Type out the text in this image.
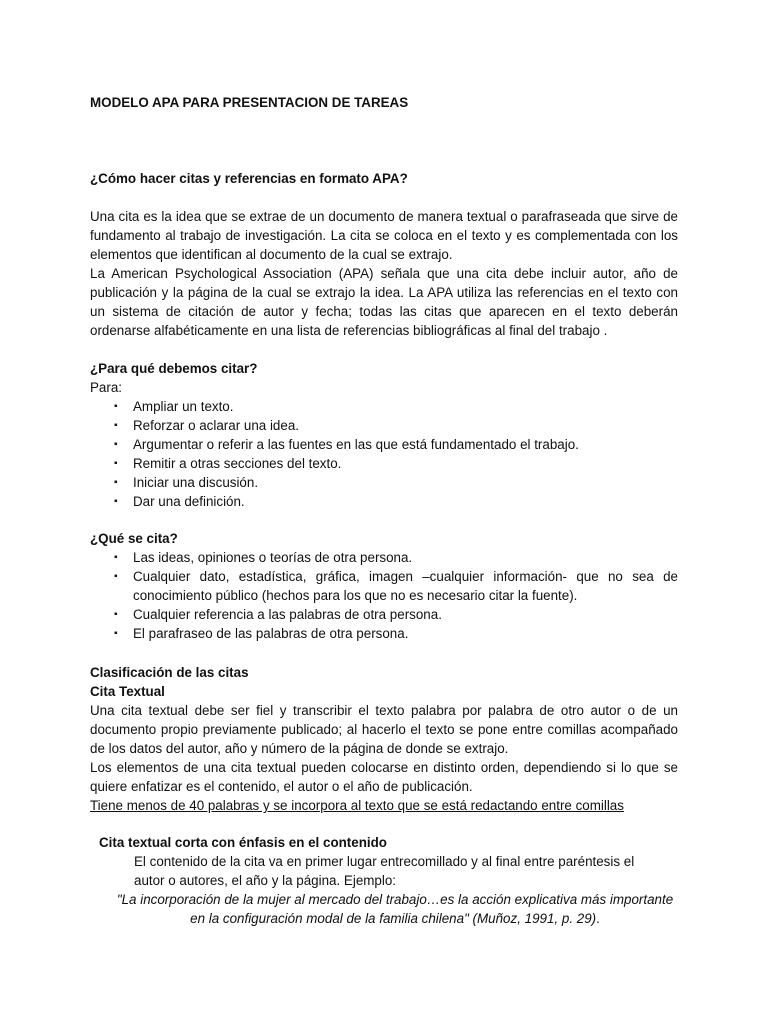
MODELO APA PARA PRESENTACION DE TAREAS
¿Cómo hacer citas y referencias en formato APA?

Una cita es la idea que se extrae de un documento de manera textual o parafraseada que sirve de fundamento al trabajo de investigación. La cita se coloca en el texto y es complementada con los elementos que identifican al documento de la cual se extrajo.

La American Psychological Association (APA) señala que una cita debe incluir autor, año de publicación y la página de la cual se extrajo la idea. La APA utiliza las referencias en el texto con un sistema de citación de autor y fecha; todas las citas que aparecen en el texto deberán ordenarse alfabéticamente en una lista de referencias bibliográficas al final del trabajo .

¿Para qué debemos citar?

Para:

▪ Ampliar un texto.
▪ Reforzar o aclarar una idea.
▪ Argumentar o referir a las fuentes en las que está fundamentado el trabajo.
▪ Remitir a otras secciones del texto.
▪ Iniciar una discusión.
▪ Dar una definición.

¿Qué se cita?

▪ Las ideas, opiniones o teorías de otra persona.
▪ Cualquier dato, estadística, gráfica, imagen –cualquier información- que no sea de conocimiento público (hechos para los que no es necesario citar la fuente).
▪ Cualquier referencia a las palabras de otra persona.
▪ El parafraseo de las palabras de otra persona.

Clasificación de las citas

Cita Textual

Una cita textual debe ser fiel y transcribir el texto palabra por palabra de otro autor o de un documento propio previamente publicado; al hacerlo el texto se pone entre comillas acompañado de los datos del autor, año y número de la página de donde se extrajo.

Los elementos de una cita textual pueden colocarse en distinto orden, dependiendo si lo que se quiere enfatizar es el contenido, el autor o el año de publicación.

Tiene menos de 40 palabras y se incorpora al texto que se está redactando entre comillas

Cita textual corta con énfasis en el contenido
El contenido de la cita va en primer lugar entrecomillado y al final entre paréntesis el autor o autores, el año y la página. Ejemplo:
"La incorporación de la mujer al mercado del trabajo…es la acción explicativa más importante
en la configuración modal de la familia chilena" (Muñoz, 1991, p. 29).
